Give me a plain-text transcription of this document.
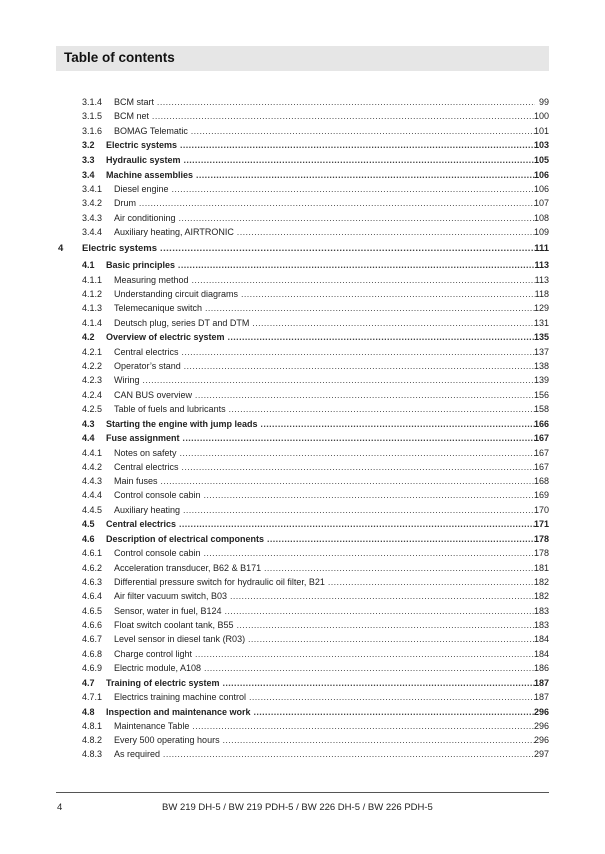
Table of contents
3.1.4 BCM start .....	99
3.1.5 BCM net .....	100
3.1.6 BOMAG Telematic .....	101
3.2 Electric systems .....	103
3.3 Hydraulic system .....	105
3.4 Machine assemblies .....	106
3.4.1 Diesel engine .....	106
3.4.2 Drum .....	107
3.4.3 Air conditioning .....	108
3.4.4 Auxiliary heating, AIRTRONIC .....	109
4 Electric systems .....	111
4.1 Basic principles .....	113
4.1.1 Measuring method .....	113
4.1.2 Understanding circuit diagrams .....	118
4.1.3 Telemecanique switch .....	129
4.1.4 Deutsch plug, series DT and DTM .....	131
4.2 Overview of electric system .....	135
4.2.1 Central electrics .....	137
4.2.2 Operator’s stand .....	138
4.2.3 Wiring .....	139
4.2.4 CAN BUS overview .....	156
4.2.5 Table of fuels and lubricants .....	158
4.3 Starting the engine with jump leads .....	166
4.4 Fuse assignment .....	167
4.4.1 Notes on safety .....	167
4.4.2 Central electrics .....	167
4.4.3 Main fuses .....	168
4.4.4 Control console cabin .....	169
4.4.5 Auxiliary heating .....	170
4.5 Central electrics .....	171
4.6 Description of electrical components .....	178
4.6.1 Control console cabin .....	178
4.6.2 Acceleration transducer, B62 & B171 .....	181
4.6.3 Differential pressure switch for hydraulic oil filter, B21 .....	182
4.6.4 Air filter vacuum switch, B03 .....	182
4.6.5 Sensor, water in fuel, B124 .....	183
4.6.6 Float switch coolant tank, B55 .....	183
4.6.7 Level sensor in diesel tank (R03) .....	184
4.6.8 Charge control light .....	184
4.6.9 Electric module, A108 .....	186
4.7 Training of electric system .....	187
4.7.1 Electrics training machine control .....	187
4.8 Inspection and maintenance work .....	296
4.8.1 Maintenance Table .....	296
4.8.2 Every 500 operating hours .....	296
4.8.3 As required .....	297
4	BW 219 DH-5 / BW 219 PDH-5 / BW 226 DH-5 / BW 226 PDH-5
